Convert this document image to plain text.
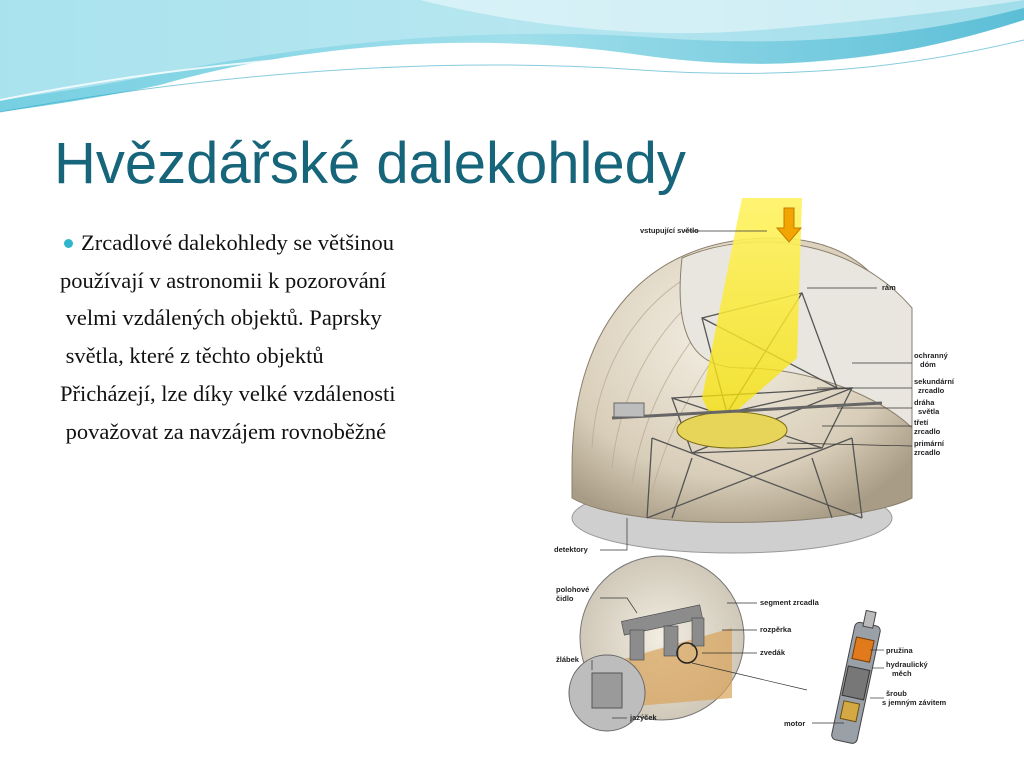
Hvězdářské dalekohledy
Zrcadlové dalekohledy se většinou
používají v astronomii k pozorování
velmi vzdálených objektů. Paprsky
světla, které z těchto objektů
Přicházejí, lze díky velké vzdálenosti
považovat za navzájem rovnoběžné
vstupující světlo
rám
ochranný
dóm
sekundární
zrcadlo
dráha
světla
třetí
zrcadlo
primární
zrcadlo
detektory
polohové
čidlo	segment zrcadla
rozpěrka
zvedák
žlábek
jazýček
pružina
hydraulický
měch
šroub
s jemným závitem
motor
